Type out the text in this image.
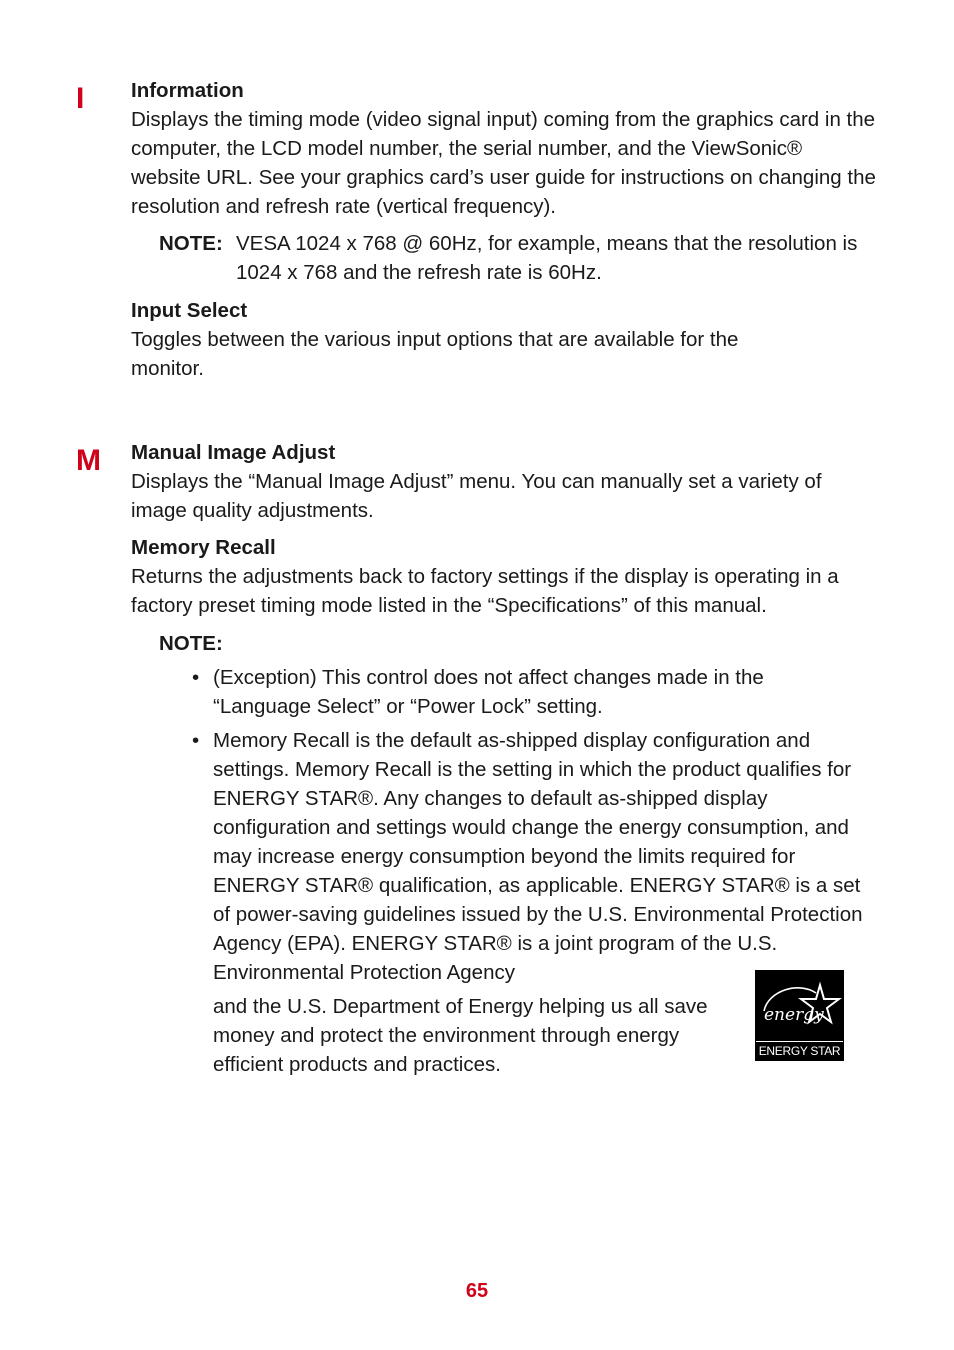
I Information

Displays the timing mode (video signal input) coming from the graphics card in the computer, the LCD model number, the serial number, and the ViewSonic® website URL. See your graphics card’s user guide for instructions on changing the resolution and refresh rate (vertical frequency).

NOTE: VESA 1024 x 768 @ 60Hz, for example, means that the resolution is 1024 x 768 and the refresh rate is 60Hz.

Input Select

Toggles between the various input options that are available for the monitor.

M Manual Image Adjust

Displays the “Manual Image Adjust” menu. You can manually set a variety of image quality adjustments.

Memory Recall

Returns the adjustments back to factory settings if the display is operating in a factory preset timing mode listed in the “Specifications” of this manual.

NOTE:
• (Exception) This control does not affect changes made in the “Language Select” or “Power Lock” setting.
• Memory Recall is the default as-shipped display configuration and settings. Memory Recall is the setting in which the product qualifies for ENERGY STAR®. Any changes to default as-shipped display configuration and settings would change the energy consumption, and may increase energy consumption beyond the limits required for ENERGY STAR® qualification, as applicable. ENERGY STAR® is a set of power-saving guidelines issued by the U.S. Environmental Protection Agency (EPA). ENERGY STAR® is a joint program of the U.S. Environmental Protection Agency
and the U.S. Department of Energy helping us all save money and protect the environment through energy efficient products and practices.
energy
ENERGY STAR
65
